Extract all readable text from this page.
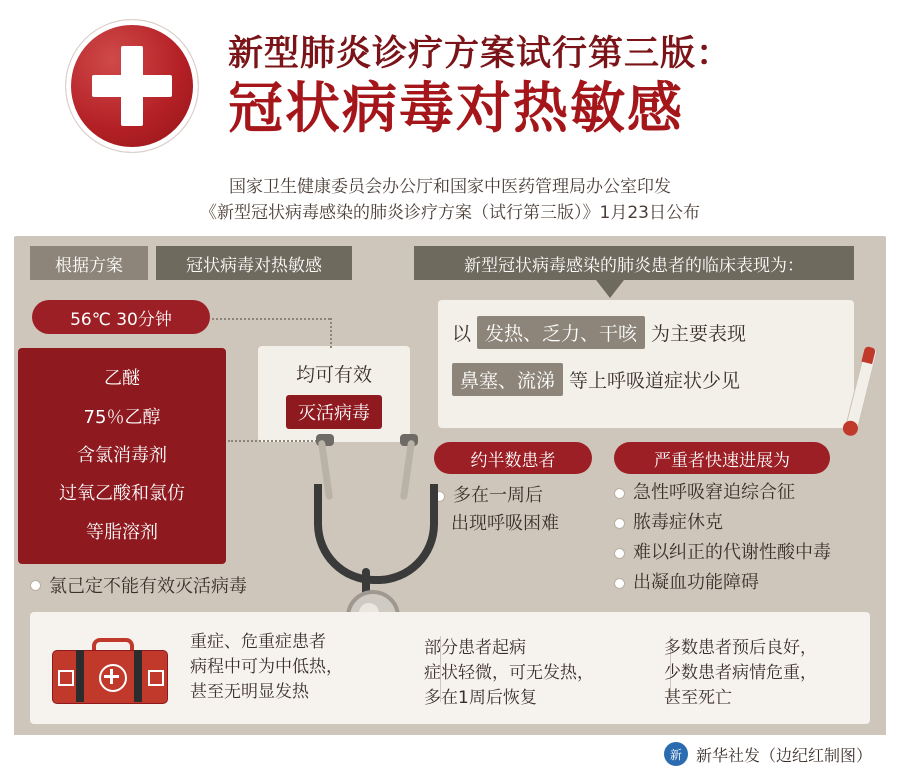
新型肺炎诊疗方案试行第三版：
冠状病毒对热敏感
国家卫生健康委员会办公厅和国家中医药管理局办公室印发
《新型冠状病毒感染的肺炎诊疗方案（试行第三版）》1月23日公布
根据方案	冠状病毒对热敏感	新型冠状病毒感染的肺炎患者的临床表现为：
56℃ 30分钟
乙醚
75％乙醇
含氯消毒剂
过氧乙酸和氯仿
等脂溶剂
均可有效
灭活病毒
氯己定不能有效灭活病毒
以 发热、乏力、干咳 为主要表现
鼻塞、流涕 等上呼吸道症状少见
约半数患者
多在一周后
出现呼吸困难
严重者快速进展为
急性呼吸窘迫综合征
脓毒症休克
难以纠正的代谢性酸中毒
出凝血功能障碍
重症、危重症患者
病程中可为中低热，
甚至无明显发热
部分患者起病
症状轻微，可无发热，
多在1周后恢复
多数患者预后良好，
少数患者病情危重，
甚至死亡
新 新华社发（边纪红制图）
